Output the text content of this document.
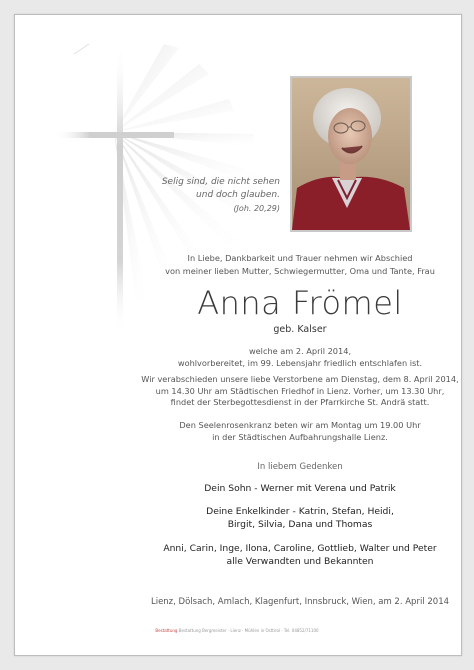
Selig sind, die nicht sehen
und doch glauben.
(Joh. 20,29)
In Liebe, Dankbarkeit und Trauer nehmen wir Abschied
von meiner lieben Mutter, Schwiegermutter, Oma und Tante, Frau
Anna Frömel
geb. Kalser
welche am 2. April 2014,
wohlvorbereitet, im 99. Lebensjahr friedlich entschlafen ist.
Wir verabschieden unsere liebe Verstorbene am Dienstag, dem 8. April 2014,
um 14.30 Uhr am Städtischen Friedhof in Lienz. Vorher, um 13.30 Uhr,
findet der Sterbegottesdienst in der Pfarrkirche St. Andrä statt.
Den Seelenrosenkranz beten wir am Montag um 19.00 Uhr
in der Städtischen Aufbahrungshalle Lienz.
In liebem Gedenken
Dein Sohn - Werner mit Verena und Patrik
Deine Enkelkinder - Katrin, Stefan, Heidi,
Birgit, Silvia, Dana und Thomas
Anni, Carin, Inge, Ilona, Caroline, Gottlieb, Walter und Peter
alle Verwandten und Bekannten
Lienz, Dölsach, Amlach, Klagenfurt, Innsbruck, Wien, am 2. April 2014
Bestattung Bestattung Bergmeister · Lienz · Mühlen in Osttirol · Tel. 04852/71100
